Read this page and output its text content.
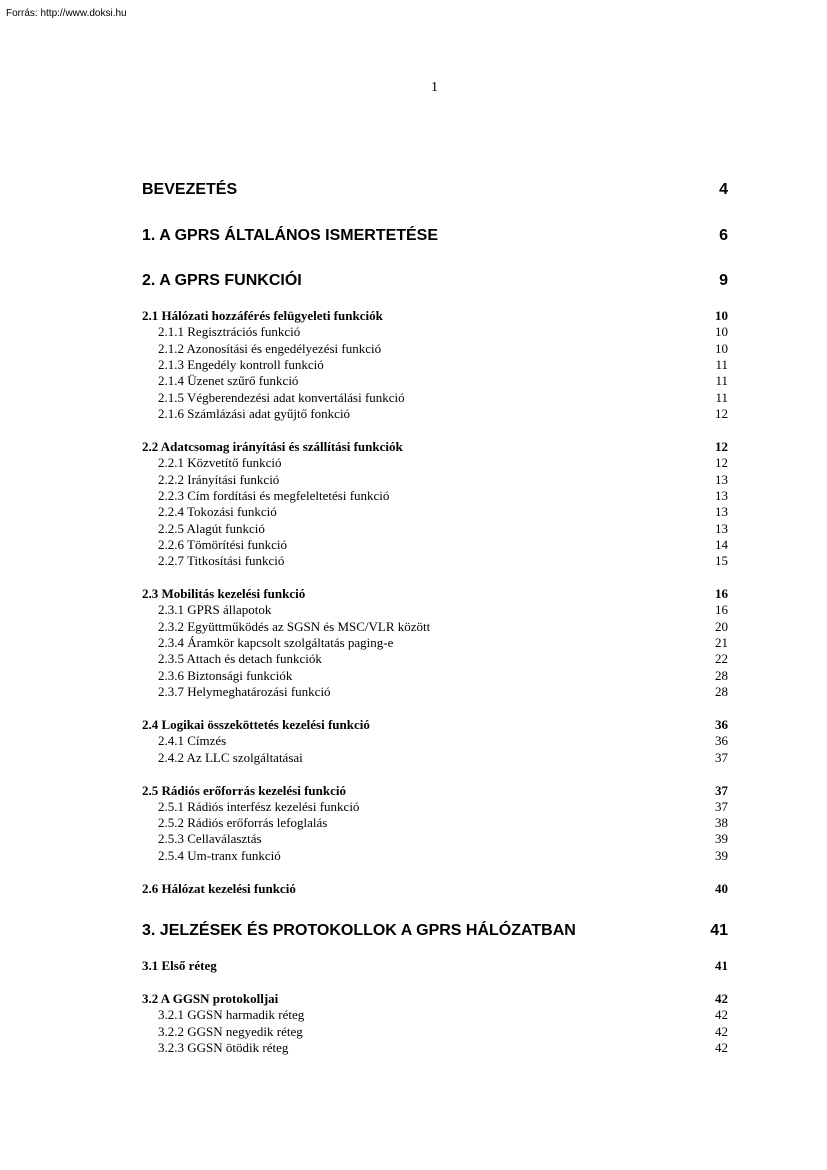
Forrás: http://www.doksi.hu
1
BEVEZETÉS	4
1. A GPRS ÁLTALÁNOS ISMERTETÉSE	6
2. A GPRS FUNKCIÓI	9
2.1 Hálózati hozzáférés felügyeleti funkciók	10
2.1.1 Regisztrációs funkció	10
2.1.2 Azonosítási és engedélyezési funkció	10
2.1.3 Engedély kontroll funkció	11
2.1.4 Üzenet szűrő funkció	11
2.1.5 Végberendezési adat konvertálási funkció	11
2.1.6 Számlázási adat gyűjtő fonkció	12
2.2 Adatcsomag irányítási és szállítási funkciók	12
2.2.1 Közvetítő funkció	12
2.2.2 Irányítási funkció	13
2.2.3 Cím fordítási és megfeleltetési funkció	13
2.2.4 Tokozási funkció	13
2.2.5 Alagút funkció	13
2.2.6 Tömörítési funkció	14
2.2.7 Titkosítási funkció	15
2.3 Mobilitás kezelési funkció	16
2.3.1 GPRS állapotok	16
2.3.2 Együttműködés az SGSN és MSC/VLR között	20
2.3.4 Áramkör kapcsolt szolgáltatás paging-e	21
2.3.5 Attach és detach funkciók	22
2.3.6 Biztonsági funkciók	28
2.3.7 Helymeghatározási funkció	28
2.4 Logikai összeköttetés kezelési funkció	36
2.4.1 Címzés	36
2.4.2 Az LLC szolgáltatásai	37
2.5 Rádiós erőforrás kezelési funkció	37
2.5.1 Rádiós interfész kezelési funkció	37
2.5.2 Rádiós erőforrás lefoglalás	38
2.5.3 Cellaválasztás	39
2.5.4 Um-tranx funkció	39
2.6 Hálózat kezelési funkció	40
3. JELZÉSEK ÉS PROTOKOLLOK A GPRS HÁLÓZATBAN	41
3.1 Első réteg	41
3.2 A GGSN protokolljai	42
3.2.1 GGSN harmadik réteg	42
3.2.2 GGSN negyedik réteg	42
3.2.3 GGSN ötödik réteg	42
